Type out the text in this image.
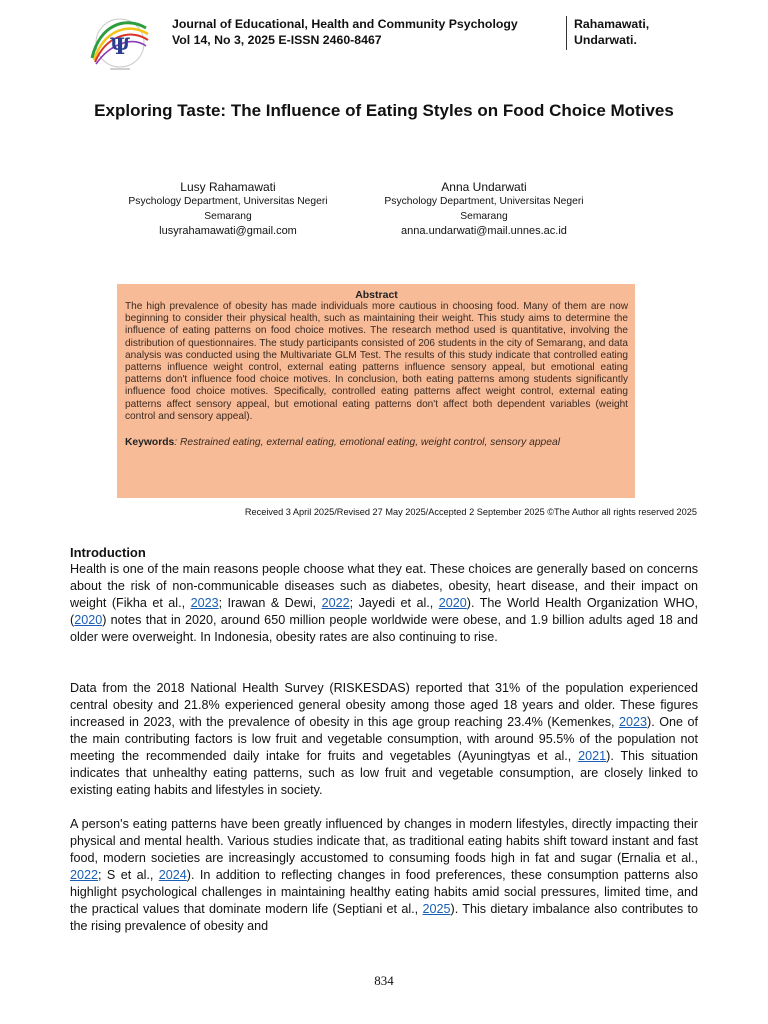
Ψ
Journal of Educational, Health and Community Psychology
Vol 14, No 3, 2025 E-ISSN 2460-8467
Rahamawati,
Undarwati.
Exploring Taste: The Influence of Eating Styles on Food Choice Motives
Lusy Rahamawati
Psychology Department, Universitas Negeri Semarang
lusyrahamawati@gmail.com
Anna Undarwati
Psychology Department, Universitas Negeri Semarang
anna.undarwati@mail.unnes.ac.id
Abstract

The high prevalence of obesity has made individuals more cautious in choosing food. Many of them are now beginning to consider their physical health, such as maintaining their weight. This study aims to determine the influence of eating patterns on food choice motives. The research method used is quantitative, involving the distribution of questionnaires. The study participants consisted of 206 students in the city of Semarang, and data analysis was conducted using the Multivariate GLM Test. The results of this study indicate that controlled eating patterns influence weight control, external eating patterns influence sensory appeal, but emotional eating patterns don't influence food choice motives. In conclusion, both eating patterns among students significantly influence food choice motives. Specifically, controlled eating patterns affect weight control, external eating patterns affect sensory appeal, but emotional eating patterns don't affect both dependent variables (weight control and sensory appeal).

Keywords: Restrained eating, external eating, emotional eating, weight control, sensory appeal
Received 3 April 2025/Revised 27 May 2025/Accepted 2 September 2025 ©The Author all rights reserved 2025
Introduction

Health is one of the main reasons people choose what they eat. These choices are generally based on concerns about the risk of non-communicable diseases such as diabetes, obesity, heart disease, and their impact on weight (Fikha et al., 2023; Irawan & Dewi, 2022; Jayedi et al., 2020). The World Health Organization WHO, (2020) notes that in 2020, around 650 million people worldwide were obese, and 1.9 billion adults aged 18 and older were overweight. In Indonesia, obesity rates are also continuing to rise.

Data from the 2018 National Health Survey (RISKESDAS) reported that 31% of the population experienced central obesity and 21.8% experienced general obesity among those aged 18 years and older. These figures increased in 2023, with the prevalence of obesity in this age group reaching 23.4% (Kemenkes, 2023). One of the main contributing factors is low fruit and vegetable consumption, with around 95.5% of the population not meeting the recommended daily intake for fruits and vegetables (Ayuningtyas et al., 2021). This situation indicates that unhealthy eating patterns, such as low fruit and vegetable consumption, are closely linked to existing eating habits and lifestyles in society.

A person's eating patterns have been greatly influenced by changes in modern lifestyles, directly impacting their physical and mental health. Various studies indicate that, as traditional eating habits shift toward instant and fast food, modern societies are increasingly accustomed to consuming foods high in fat and sugar (Ernalia et al., 2022; S et al., 2024). In addition to reflecting changes in food preferences, these consumption patterns also highlight psychological challenges in maintaining healthy eating habits amid social pressures, limited time, and the practical values that dominate modern life (Septiani et al., 2025). This dietary imbalance also contributes to the rising prevalence of obesity and

834
